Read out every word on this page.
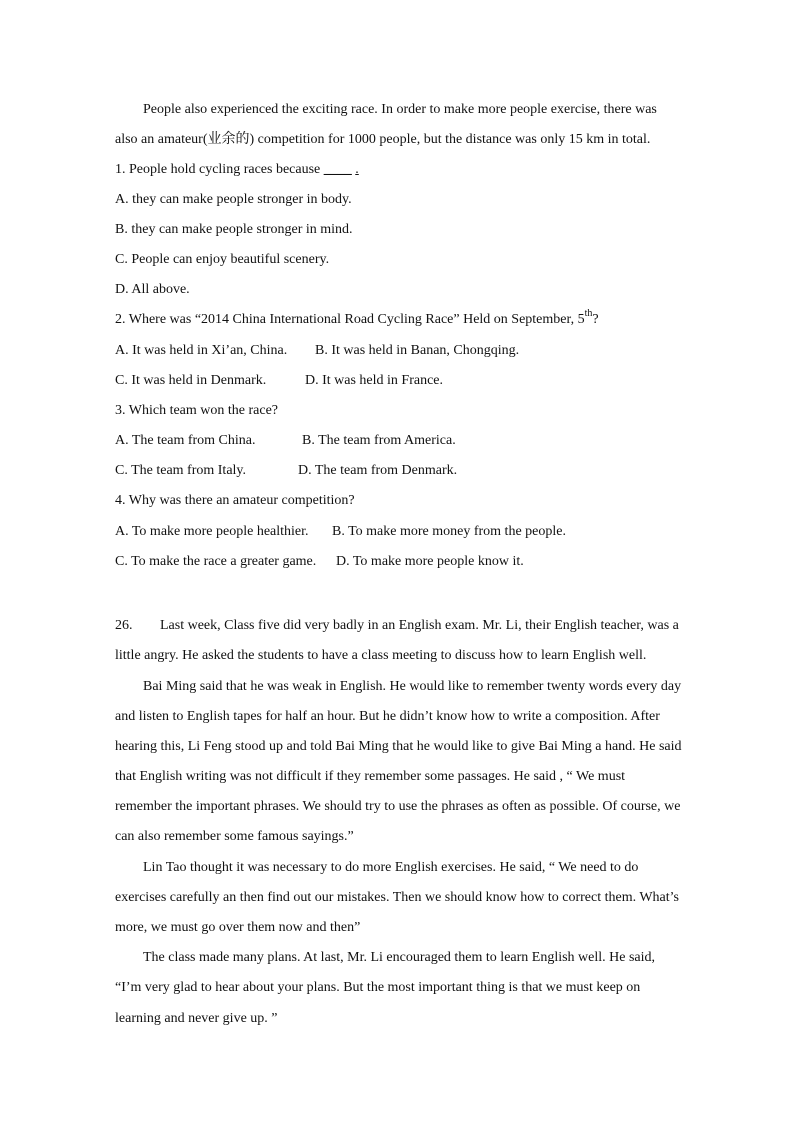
People also experienced the exciting race. In order to make more people exercise, there was
also an amateur(业余的) competition for 1000 people, but the distance was only 15 km in total.
1. People hold cycling races because ____ .
A. they can make people stronger in body.
B. they can make people stronger in mind.
C. People can enjoy beautiful scenery.
D. All above.
2. Where was “2014 China International Road Cycling Race” Held on September, 5th?
A. It was held in Xi’an, China. B. It was held in Banan, Chongqing.
C. It was held in Denmark.	D. It was held in France.
3. Which team won the race?
A. The team from China.	B. The team from America.
C. The team from Italy.	D. The team from Denmark.
4. Why was there an amateur competition?
A. To make more people healthier. B. To make more money from the people.
C. To make the race a greater game. D. To make more people know it.
26. Last week, Class five did very badly in an English exam. Mr. Li, their English teacher, was a
little angry. He asked the students to have a class meeting to discuss how to learn English well.
Bai Ming said that he was weak in English. He would like to remember twenty words every day
and listen to English tapes for half an hour. But he didn’t know how to write a composition. After
hearing this, Li Feng stood up and told Bai Ming that he would like to give Bai Ming a hand. He said
that English writing was not difficult if they remember some passages. He said , “ We must
remember the important phrases. We should try to use the phrases as often as possible. Of course, we
can also remember some famous sayings.”
Lin Tao thought it was necessary to do more English exercises. He said, “ We need to do
exercises carefully an then find out our mistakes. Then we should know how to correct them. What’s
more, we must go over them now and then”
The class made many plans. At last, Mr. Li encouraged them to learn English well. He said,
“I’m very glad to hear about your plans. But the most important thing is that we must keep on
learning and never give up. ”
